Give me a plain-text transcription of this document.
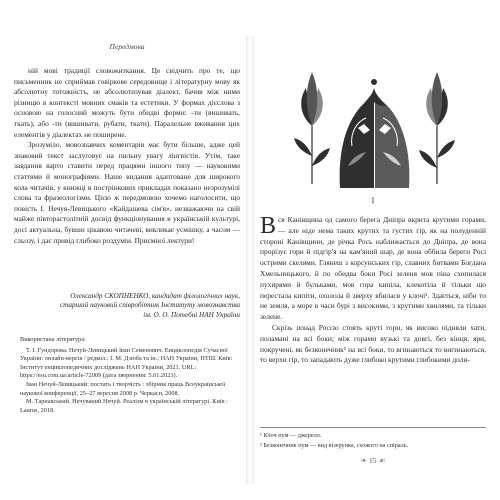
Передмова

ній мові традиції словожиткання. Це свідчить про те, що письменник не сприймав говіркове середовище і літературну мову як абсолютну тотожність, не абсолютизував діалект, бачив між ними різницю в контексті мовних смаків та естетики. У формах дієслова з основою на голосний можуть бути обидві форми: -ти (вишивать, ткать), або -ти (вишивати, рубати, ткати). Паралельне вживання цих елементів у діалектах не поширене.

Зрозуміло, мовознавчих коментарів має бути більше, адже цей знаковий текст заслуговує на пильну увагу лінгвістів. Утім, таке завдання варто ставити перед працями іншого типу — науковими статтями й монографіями. Наше видання адаптоване для широкого кола читачів, у книжці в пострінкових прикладах показано незрозумілі слова та фразеологізми. Цією ж передмовою хочемо наголосити, що повість І. Нечуя-Левицького «Кайдашева сім'я», незважаючи на свій майже півторастолітній досвід функціонування в українській культурі, досі актуальна, бувши цікавою читачеві, викликає усмішку, а часом — сльозу, і дає привід глибоко роздуміи. Приємної лектури!

Олександр СКОПНЕНКО, кандидат філологічних наук,
старший науковий співробітник Інституту мовознавства
ім. О. О. Потебні НАН України
Використана література:

Т. І. Гундорова. Нечуй-Левицький Іван Семенович. Енциклопедія Сучасної України: онлайн-версія / редкол.: І. М. Дзюба та ін.; НАН України, НТШ. Київ: Інститут енциклопедичних досліджень НАН України, 2021. URL: https://esu.com.ua/article-72009 (дата звернення: 5.01.2023).

Іван Нечуй-Левицький: постать і творчість : збірник праць Всеукраїнської наукової конференції, 25–27 вересня 2008 р. Черкаси, 2008.

М. Тарнавський. Нечуваний Нечуй. Реалізм в українській літературі. Київ : Laurus, 2018.

І

Вся Канівщина од самого берега Дніпра вкрита крутими горами, — але ніде нема таких крутих та густих гір, як на полуденній стороні Канівщини, де річка Рось наближається до Дніпра, де вона прорізує гори й підгір'я на кам'яний шар, де вона оббила береги Росі острими скелями. Глянеш з корсунських гір, славних битвами Богдана Хмельницького, й по обидва боки Росі зеленя мов піна схопилася пухирями й бульками, мов гора кипіла, клекотіла й тільки що перестала кипіти, охолола й зверху вбилася у клочі¹. Здається, ніби то не земля, а море в часи бурі з високими, з крутими хвилями, та тільки зелене.

Скрізь понад Россю стоять круті гори, як високо підняли хати, поламані на всі боки; між горами вузькі та довгі, без кінця, яри, покручені, як безконечник² на всі боки, то вгинаються то вигинаються, то верхи гір, то западають дуже глибоко крутими глибокими доли-

¹ Клоч пум — джерело.
² Безконечник пум — вид візерунка, схожого на спіраль.
❧ 15 ☙
